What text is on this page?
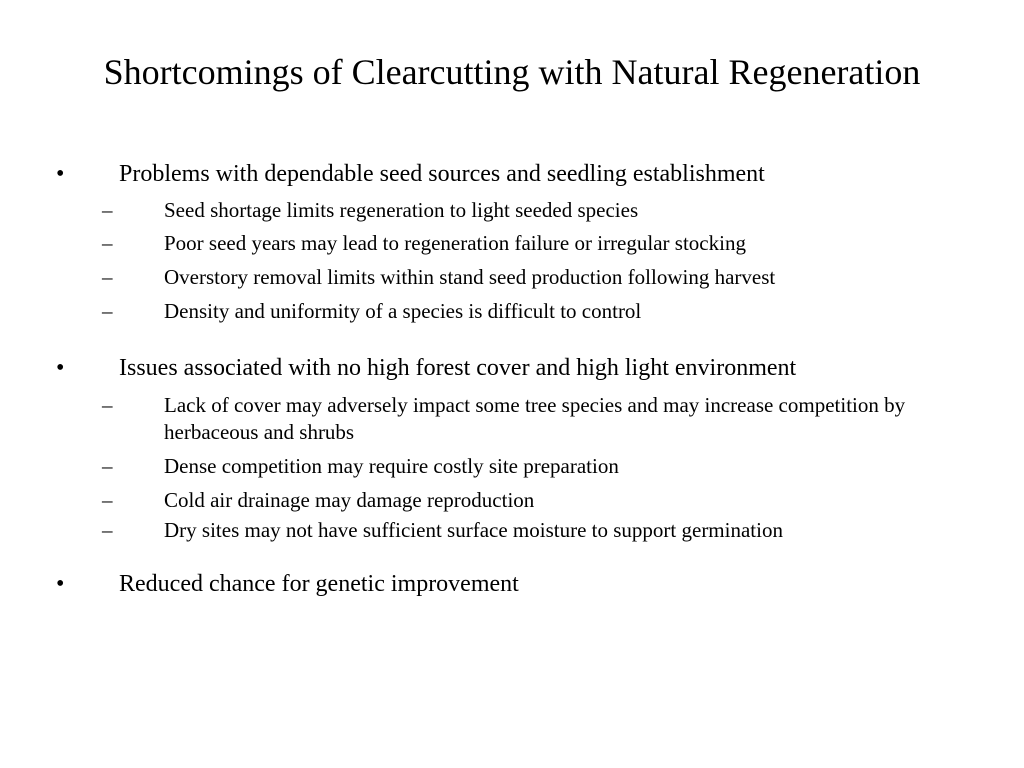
Shortcomings of Clearcutting with Natural Regeneration
• Problems with dependable seed sources and seedling establishment
– Seed shortage limits regeneration to light seeded species
– Poor seed years may lead to regeneration failure or irregular stocking
– Overstory removal limits within stand seed production following harvest
– Density and uniformity of a species is difficult to control
• Issues associated with no high forest cover and high light environment
– Lack of cover may adversely impact some tree species and may increase competition by herbaceous and shrubs
– Dense competition may require costly site preparation
– Cold air drainage may damage reproduction
– Dry sites may not have sufficient surface moisture to support germination
• Reduced chance for genetic improvement
